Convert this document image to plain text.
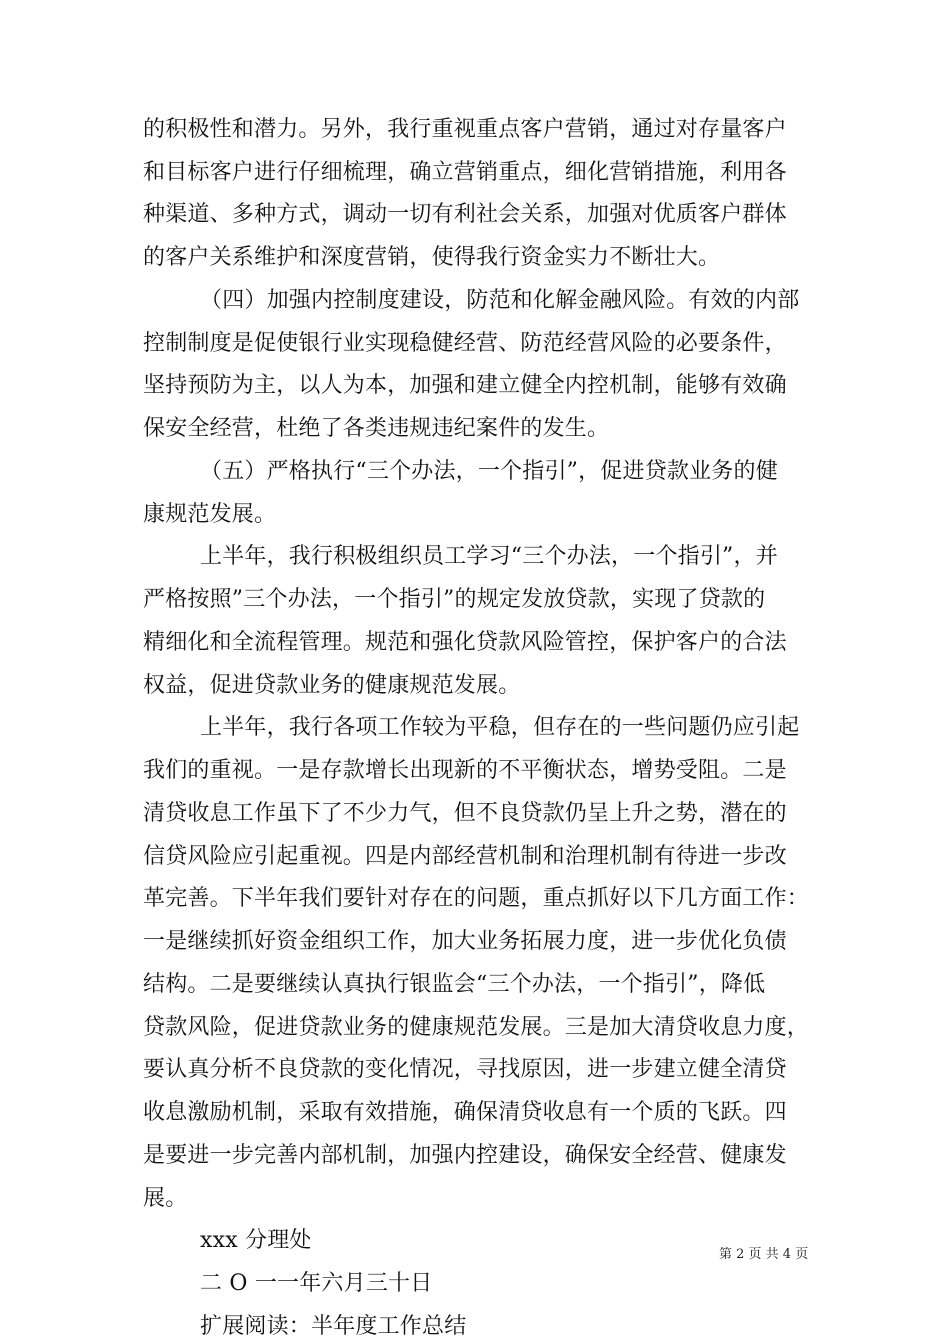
的积极性和潜力。另外，我行重视重点客户营销，通过对存量客户
和目标客户进行仔细梳理，确立营销重点，细化营销措施，利用各
种渠道、多种方式，调动一切有利社会关系，加强对优质客户群体
的客户关系维护和深度营销，使得我行资金实力不断壮大。
（四）加强内控制度建设，防范和化解金融风险。有效的内部
控制制度是促使银行业实现稳健经营、防范经营风险的必要条件，
坚持预防为主，以人为本，加强和建立健全内控机制，能够有效确
保安全经营，杜绝了各类违规违纪案件的发生。
（五）严格执行“三个办法，一个指引”，促进贷款业务的健
康规范发展。
上半年，我行积极组织员工学习“三个办法，一个指引”，并
严格按照”三个办法，一个指引”的规定发放贷款，实现了贷款的
精细化和全流程管理。规范和强化贷款风险管控，保护客户的合法
权益，促进贷款业务的健康规范发展。
上半年，我行各项工作较为平稳，但存在的一些问题仍应引起
我们的重视。一是存款增长出现新的不平衡状态，增势受阻。二是
清贷收息工作虽下了不少力气，但不良贷款仍呈上升之势，潜在的
信贷风险应引起重视。四是内部经营机制和治理机制有待进一步改
革完善。下半年我们要针对存在的问题，重点抓好以下几方面工作：
一是继续抓好资金组织工作，加大业务拓展力度，进一步优化负债
结构。二是要继续认真执行银监会“三个办法，一个指引”，降低
贷款风险，促进贷款业务的健康规范发展。三是加大清贷收息力度，
要认真分析不良贷款的变化情况，寻找原因，进一步建立健全清贷
收息激励机制，采取有效措施，确保清贷收息有一个质的飞跃。四
是要进一步完善内部机制，加强内控建设，确保安全经营、健康发
展。
xxx 分理处
二 O 一一年六月三十日
扩展阅读：半年度工作总结
第 2 页 共 4 页
